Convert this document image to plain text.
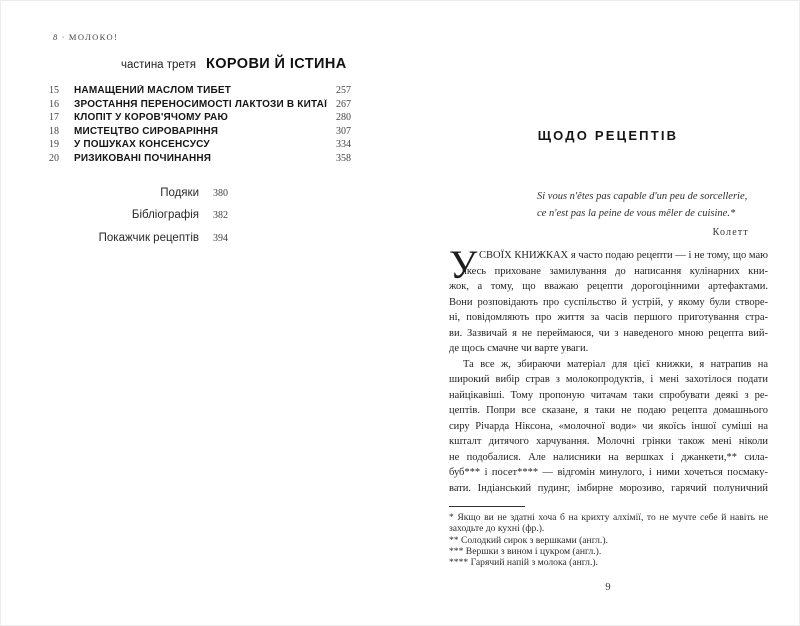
8 · МОЛОКО!
частина третя КОРОВИ Й ІСТИНА
15 НАМАЩЕНИЙ МАСЛОМ ТИБЕТ	257
16 ЗРОСТАННЯ ПЕРЕНОСИМОСТІ ЛАКТОЗИ В КИТАЇ 267
17 КЛОПІТ У КОРОВ'ЯЧОМУ РАЮ	280
18 МИСТЕЦТВО СИРОВАРІННЯ	307
19 У ПОШУКАХ КОНСЕНСУСУ	334
20 РИЗИКОВАНІ ПОЧИНАННЯ	358
Подяки 380
Бібліографія 382
Покажчик рецептів 394
ЩОДО РЕЦЕПТІВ
Si vous n'êtes pas capable d'un peu de sorcellerie,
ce n'est pas la peine de vous mêler de cuisine.*
Колетт
У СВОЇХ КНИЖКАХ я часто подаю рецепти — і не тому, що маю
якесь приховане замилування до написання кулінарних кни-
жок, а тому, що вважаю рецепти дорогоцінними артефактами.
Вони розповідають про суспільство й устрій, у якому були створе-
ні, повідомляють про життя за часів першого приготування стра-
ви. Зазвичай я не переймаюся, чи з наведеного мною рецепта вий-
де щось смачне чи варте уваги.
Та все ж, збираючи матеріал для цієї книжки, я натрапив на
широкий вибір страв з молокопродуктів, і мені захотілося подати
найцікавіші. Тому пропоную читачам таки спробувати деякі з ре-
цептів. Попри все сказане, я таки не подаю рецепта домашнього
сиру Річарда Ніксона, «молочної води» чи якоїсь іншої суміші на
кшталт дитячого харчування. Молочні грінки також мені ніколи
не подобалися. Але налисники на вершках і джанкети,** сила-
буб*** і посет**** — відгомін минулого, і ними хочеться посмаку-
вати. Індіанський пудинг, імбирне морозиво, гарячий полуничний
* Якщо ви не здатні хоча б на крихту алхімії, то не мучте себе й навіть не
заходьте до кухні (фр.).
** Солодкий сирок з вершками (англ.).
*** Вершки з вином і цукром (англ.).
**** Гарячий напій з молока (англ.).
9
